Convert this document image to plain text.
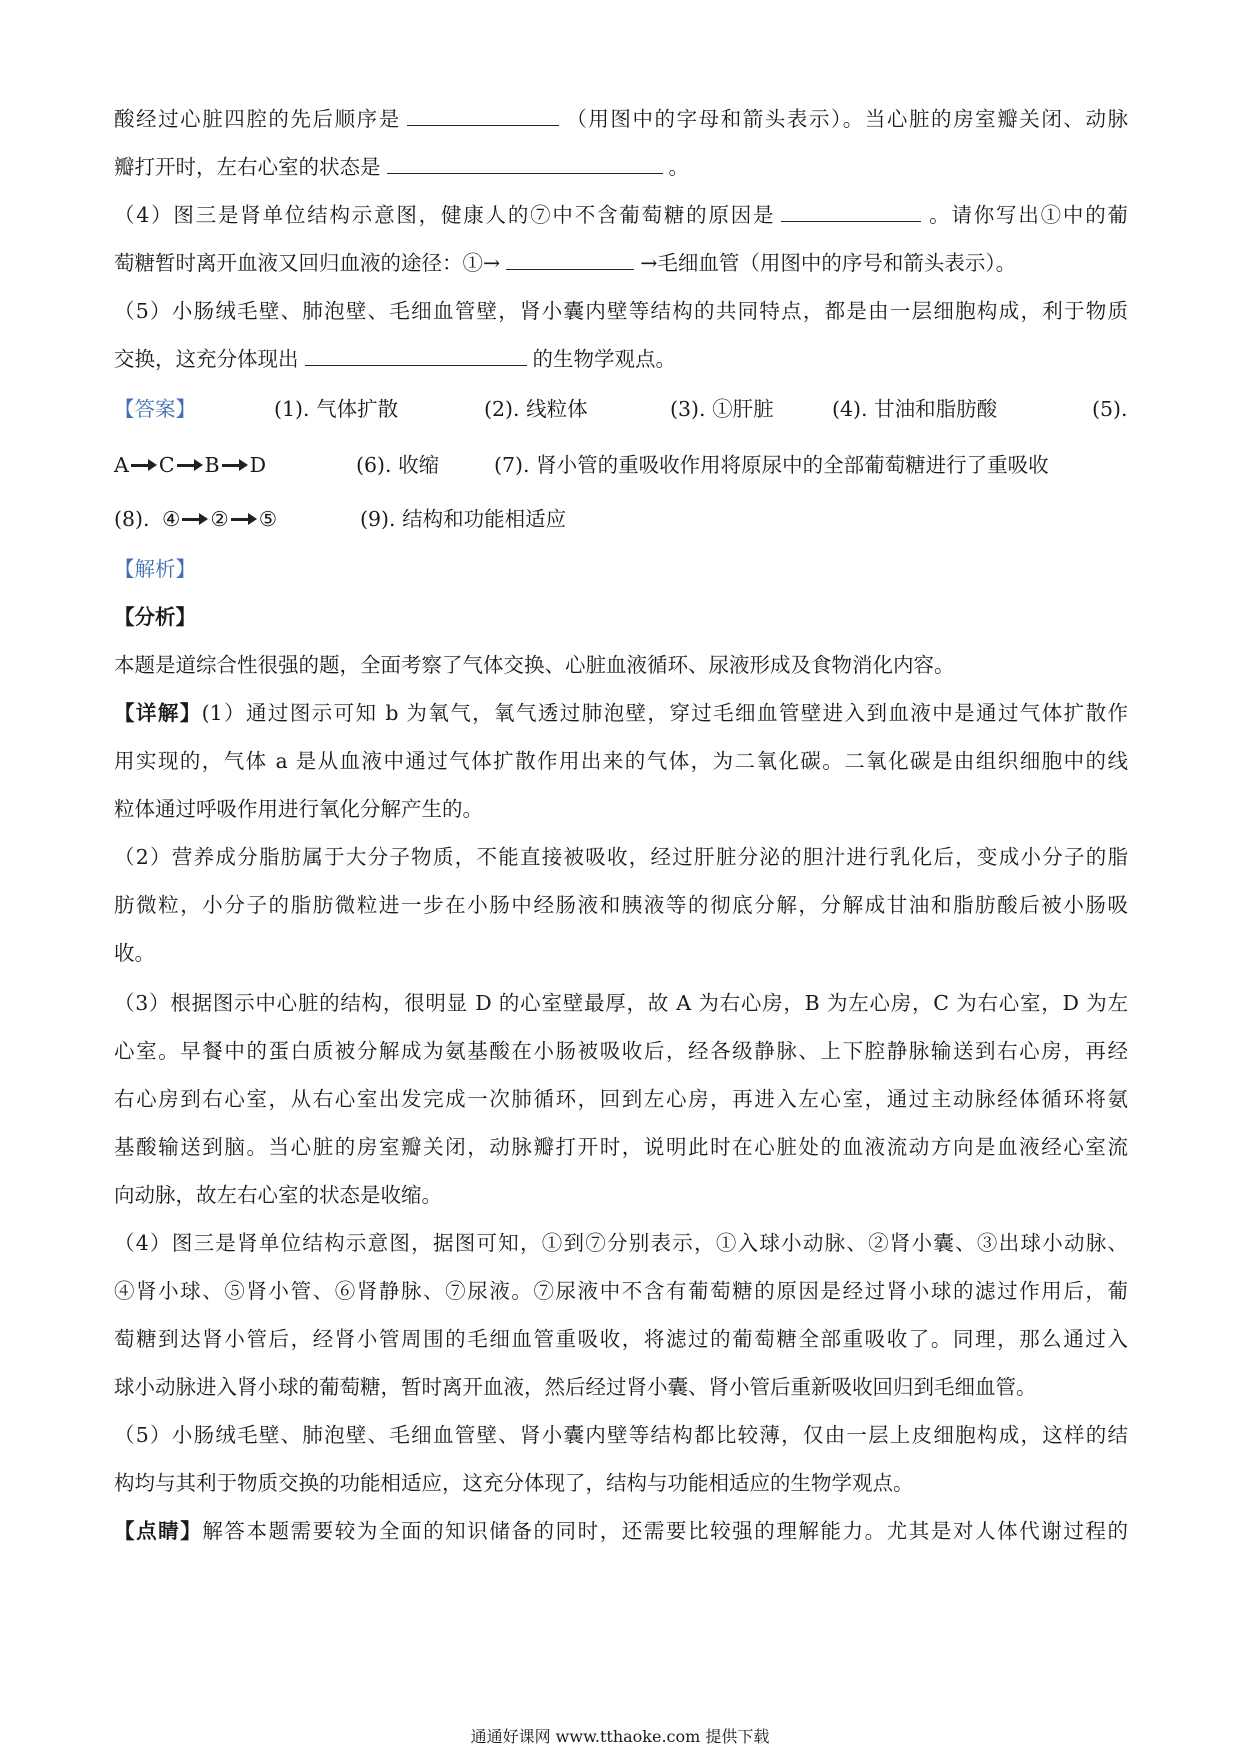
酸经过心脏四腔的先后顺序是	（用图中的字母和箭头表示）。当心脏的房室瓣关闭、动脉
瓣打开时，左右心室的状态是	。
（4）图三是肾单位结构示意图，健康人的⑦中不含葡萄糖的原因是	。请你写出①中的葡
萄糖暂时离开血液又回归血液的途径：①→	→毛细血管（用图中的序号和箭头表示）。
（5）小肠绒毛壁、肺泡壁、毛细血管壁，肾小囊内壁等结构的共同特点，都是由一层细胞构成，利于物质
交换，这充分体现出	的生物学观点。
【答案】	(1). 气体扩散	(2). 线粒体	(3). ①肝脏	(4). 甘油和脂肪酸	(5).
A C B D	(6). 收缩	(7). 肾小管的重吸收作用将原尿中的全部葡萄糖进行了重吸收
(8). ④ ② ⑤	(9). 结构和功能相适应
【解析】
【分析】
本题是道综合性很强的题，全面考察了气体交换、心脏血液循环、尿液形成及食物消化内容。
【详解】(1）通过图示可知 b 为氧气，氧气透过肺泡壁，穿过毛细血管壁进入到血液中是通过气体扩散作
用实现的，气体 a 是从血液中通过气体扩散作用出来的气体，为二氧化碳。二氧化碳是由组织细胞中的线
粒体通过呼吸作用进行氧化分解产生的。
（2）营养成分脂肪属于大分子物质，不能直接被吸收，经过肝脏分泌的胆汁进行乳化后，变成小分子的脂
肪微粒，小分子的脂肪微粒进一步在小肠中经肠液和胰液等的彻底分解，分解成甘油和脂肪酸后被小肠吸
收。
（3）根据图示中心脏的结构，很明显 D 的心室壁最厚，故 A 为右心房，B 为左心房，C 为右心室，D 为左
心室。早餐中的蛋白质被分解成为氨基酸在小肠被吸收后，经各级静脉、上下腔静脉输送到右心房，再经
右心房到右心室，从右心室出发完成一次肺循环，回到左心房，再进入左心室，通过主动脉经体循环将氨
基酸输送到脑。当心脏的房室瓣关闭，动脉瓣打开时，说明此时在心脏处的血液流动方向是血液经心室流
向动脉，故左右心室的状态是收缩。
（4）图三是肾单位结构示意图，据图可知，①到⑦分别表示，①入球小动脉、②肾小囊、③出球小动脉、
④肾小球、⑤肾小管、⑥肾静脉、⑦尿液。⑦尿液中不含有葡萄糖的原因是经过肾小球的滤过作用后，葡
萄糖到达肾小管后，经肾小管周围的毛细血管重吸收，将滤过的葡萄糖全部重吸收了。同理，那么通过入
球小动脉进入肾小球的葡萄糖，暂时离开血液，然后经过肾小囊、肾小管后重新吸收回归到毛细血管。
（5）小肠绒毛壁、肺泡壁、毛细血管壁、肾小囊内壁等结构都比较薄，仅由一层上皮细胞构成，这样的结
构均与其利于物质交换的功能相适应，这充分体现了，结构与功能相适应的生物学观点。
【点睛】解答本题需要较为全面的知识储备的同时，还需要比较强的理解能力。尤其是对人体代谢过程的
通通好课网 www.tthaoke.com 提供下载
